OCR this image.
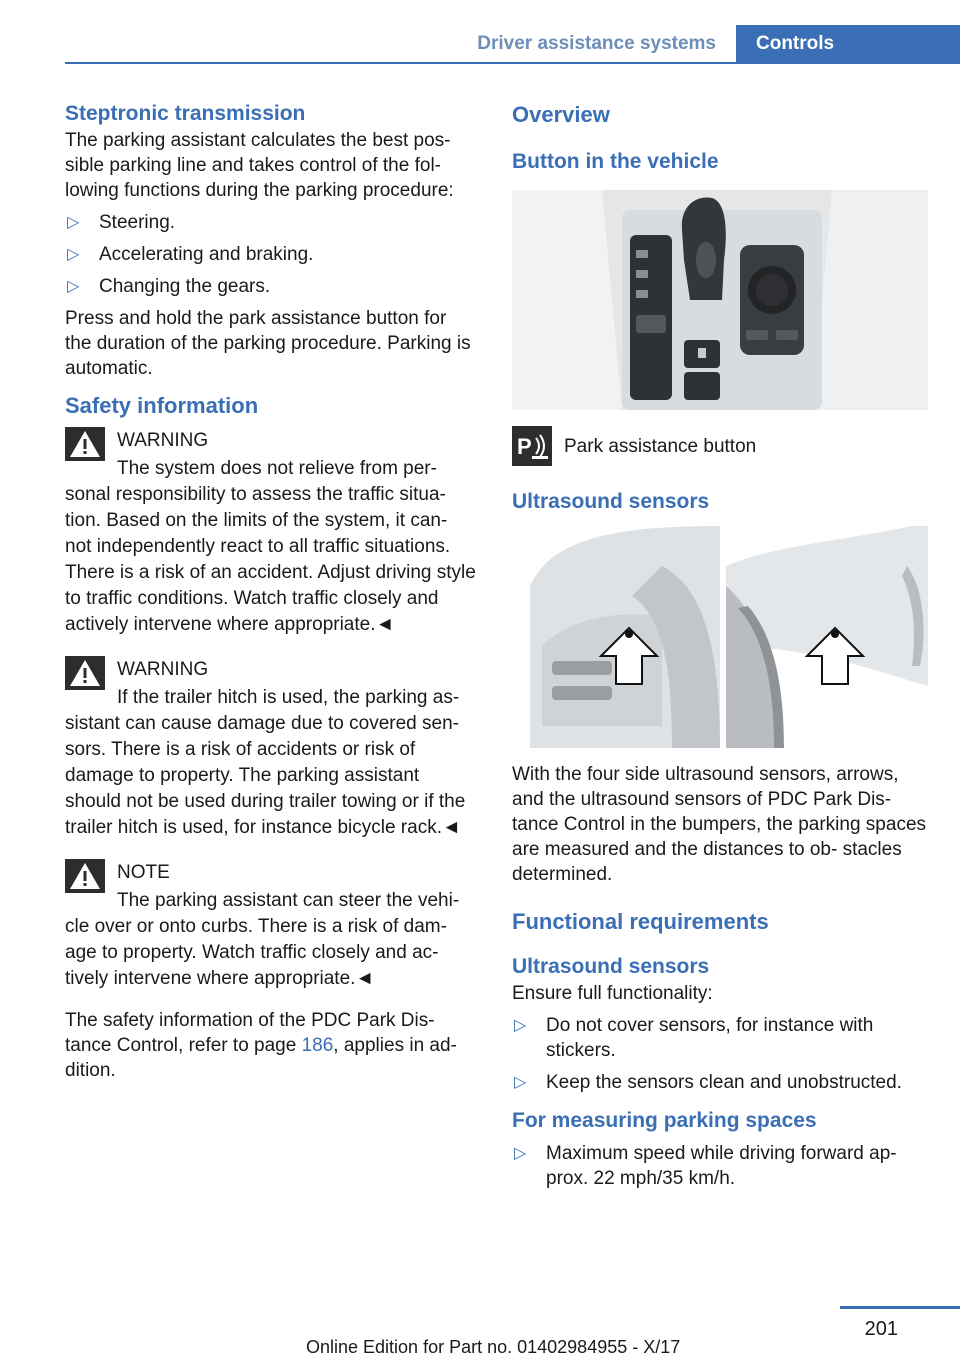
Driver assistance systems	Controls
Steptronic transmission

The parking assistant calculates the best pos‐ sible parking line and takes control of the fol‐ lowing functions during the parking procedure:

▷ Steering.
▷ Accelerating and braking.
▷ Changing the gears.

Press and hold the park assistance button for the duration of the parking procedure. Parking is automatic.

Safety information
WARNING
The system does not relieve from per‐ sonal responsibility to assess the traffic situa‐ tion. Based on the limits of the system, it can‐ not independently react to all traffic situations. There is a risk of an accident. Adjust driving style to traffic conditions. Watch traffic closely and actively intervene where appropriate.◄
WARNING
If the trailer hitch is used, the parking as‐ sistant can cause damage due to covered sen‐ sors. There is a risk of accidents or risk of damage to property. The parking assistant should not be used during trailer towing or if the trailer hitch is used, for instance bicycle rack.◄
NOTE
The parking assistant can steer the vehi‐ cle over or onto curbs. There is a risk of dam‐ age to property. Watch traffic closely and ac‐ tively intervene where appropriate.◄

The safety information of the PDC Park Dis‐ tance Control, refer to page 186, applies in ad‐ dition.

Overview
Button in the vehicle
P Park assistance button
Ultrasound sensors

With the four side ultrasound sensors, arrows, and the ultrasound sensors of PDC Park Dis‐ tance Control in the bumpers, the parking spaces are measured and the distances to ob‐ stacles determined.

Functional requirements
Ultrasound sensors

Ensure full functionality:

▷ Do not cover sensors, for instance with stickers.
▷ Keep the sensors clean and unobstructed.
For measuring parking spaces
▷ Maximum speed while driving forward ap‐ prox. 22 mph/35 km/h.
201
Online Edition for Part no. 01402984955 - X/17
